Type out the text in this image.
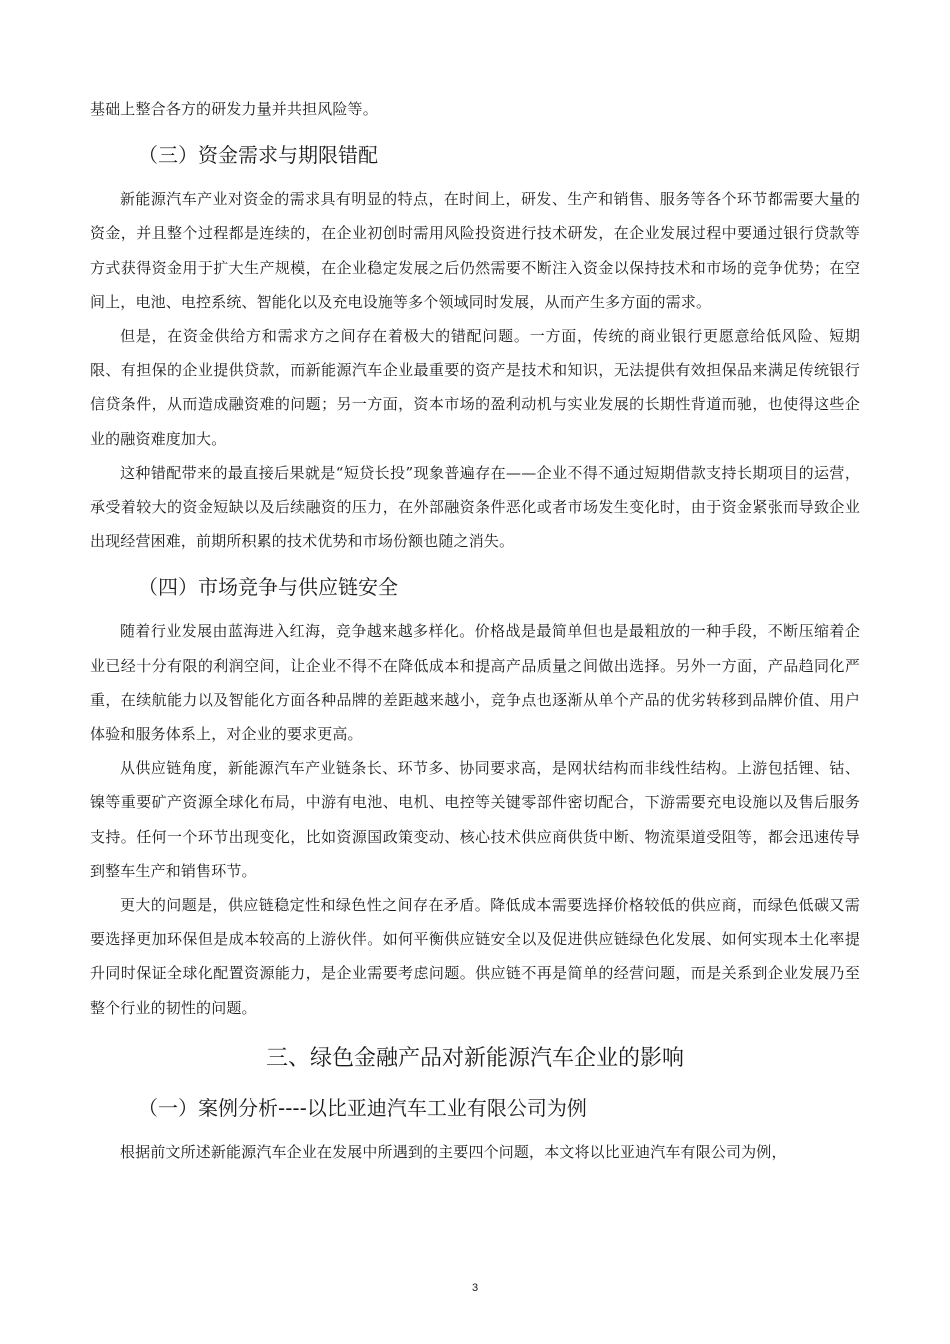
基础上整合各方的研发力量并共担风险等。

（三）资金需求与期限错配

新能源汽车产业对资金的需求具有明显的特点，在时间上，研发、生产和销售、服务等各个环节都需要大量的资金，并且整个过程都是连续的，在企业初创时需用风险投资进行技术研发，在企业发展过程中要通过银行贷款等方式获得资金用于扩大生产规模，在企业稳定发展之后仍然需要不断注入资金以保持技术和市场的竞争优势；在空间上，电池、电控系统、智能化以及充电设施等多个领域同时发展，从而产生多方面的需求。

但是，在资金供给方和需求方之间存在着极大的错配问题。一方面，传统的商业银行更愿意给低风险、短期限、有担保的企业提供贷款，而新能源汽车企业最重要的资产是技术和知识，无法提供有效担保品来满足传统银行信贷条件，从而造成融资难的问题；另一方面，资本市场的盈利动机与实业发展的长期性背道而驰，也使得这些企业的融资难度加大。

这种错配带来的最直接后果就是“短贷长投”现象普遍存在——企业不得不通过短期借款支持长期项目的运营，承受着较大的资金短缺以及后续融资的压力，在外部融资条件恶化或者市场发生变化时，由于资金紧张而导致企业出现经营困难，前期所积累的技术优势和市场份额也随之消失。

（四）市场竞争与供应链安全

随着行业发展由蓝海进入红海，竞争越来越多样化。价格战是最简单但也是最粗放的一种手段，不断压缩着企业已经十分有限的利润空间，让企业不得不在降低成本和提高产品质量之间做出选择。另外一方面，产品趋同化严重，在续航能力以及智能化方面各种品牌的差距越来越小，竞争点也逐渐从单个产品的优劣转移到品牌价值、用户体验和服务体系上，对企业的要求更高。

从供应链角度，新能源汽车产业链条长、环节多、协同要求高，是网状结构而非线性结构。上游包括锂、钴、镍等重要矿产资源全球化布局，中游有电池、电机、电控等关键零部件密切配合，下游需要充电设施以及售后服务支持。任何一个环节出现变化，比如资源国政策变动、核心技术供应商供货中断、物流渠道受阻等，都会迅速传导到整车生产和销售环节。

更大的问题是，供应链稳定性和绿色性之间存在矛盾。降低成本需要选择价格较低的供应商，而绿色低碳又需要选择更加环保但是成本较高的上游伙伴。如何平衡供应链安全以及促进供应链绿色化发展、如何实现本土化率提升同时保证全球化配置资源能力，是企业需要考虑问题。供应链不再是简单的经营问题，而是关系到企业发展乃至整个行业的韧性的问题。

三、绿色金融产品对新能源汽车企业的影响
（一）案例分析----以比亚迪汽车工业有限公司为例

根据前文所述新能源汽车企业在发展中所遇到的主要四个问题，本文将以比亚迪汽车有限公司为例，

3
